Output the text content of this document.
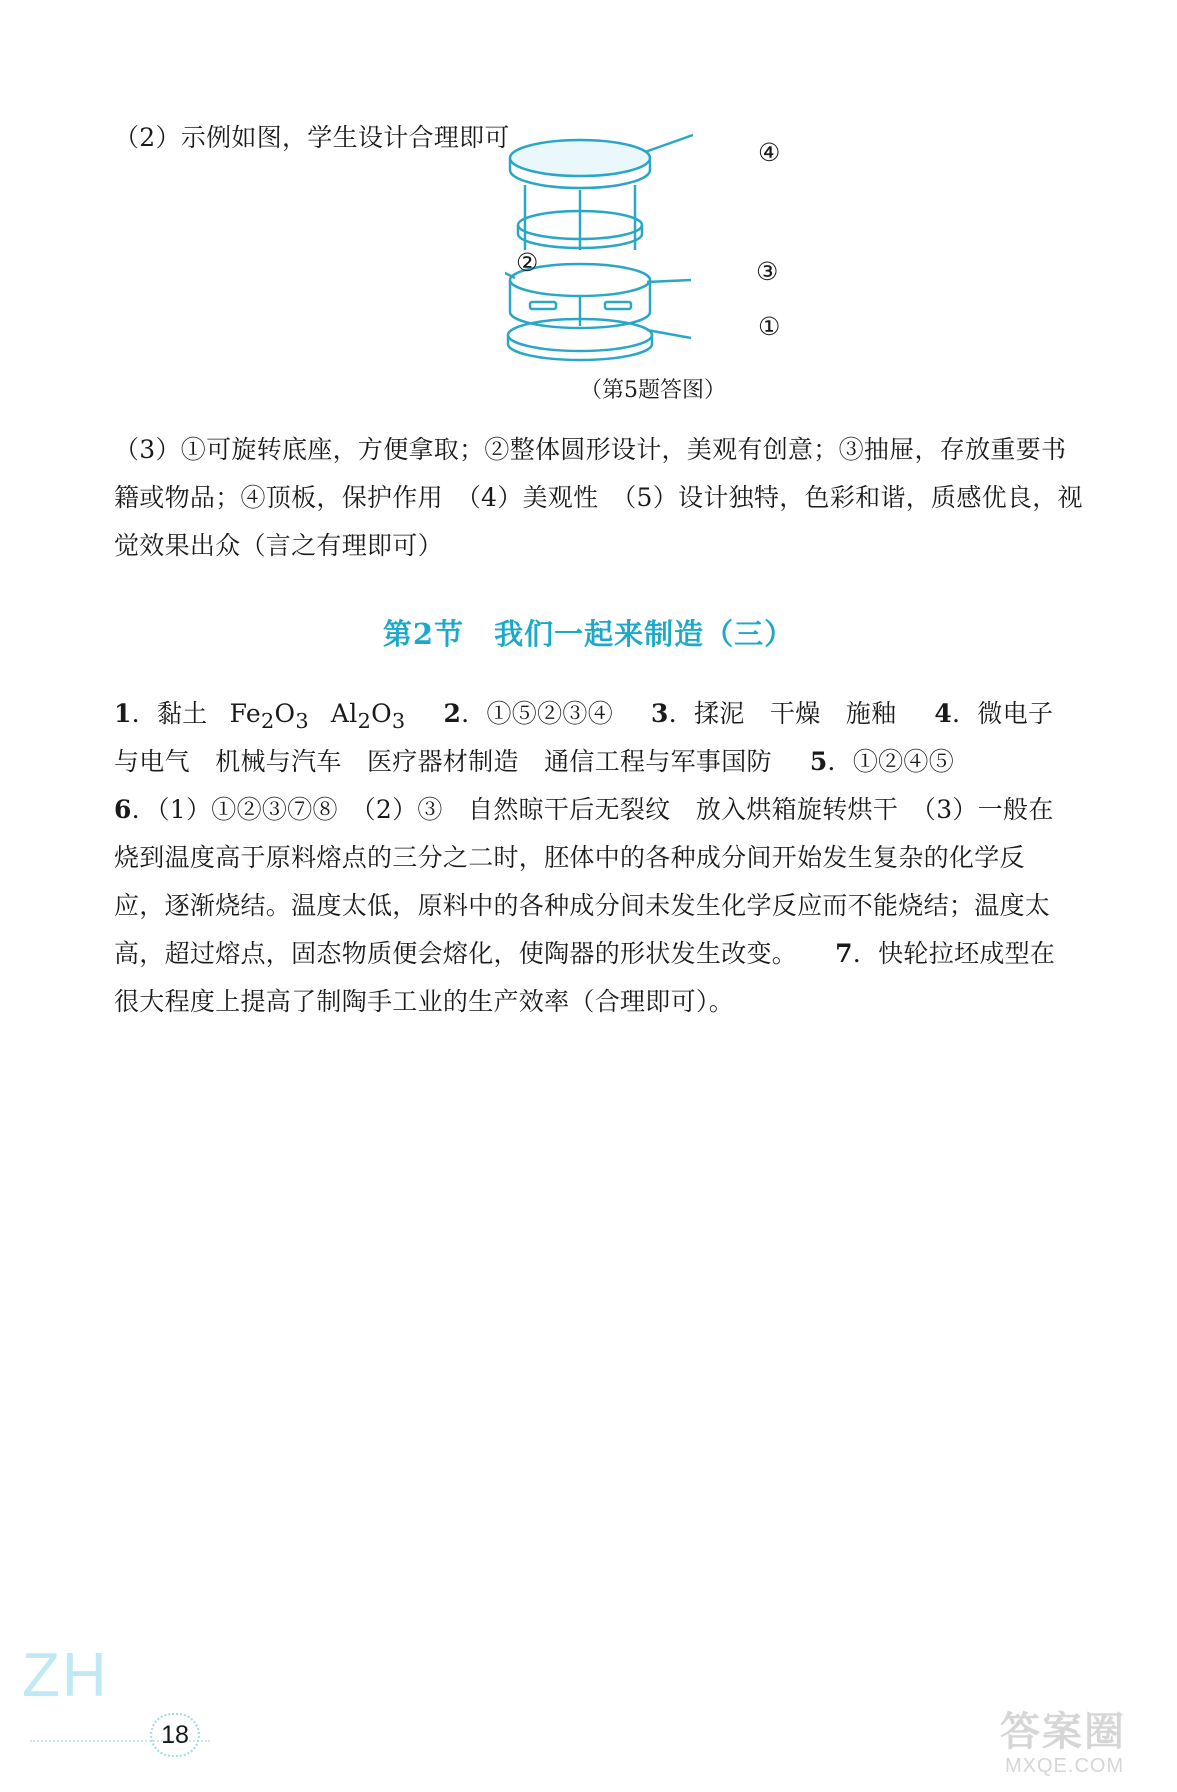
（2）示例如图，学生设计合理即可
④
②	③
①
（第5题答图）
（3）①可旋转底座，方便拿取；②整体圆形设计，美观有创意；③抽屉，存放重要书
籍或物品；④顶板，保护作用　（4）美观性　（5）设计独特，色彩和谐，质感优良，视
觉效果出众（言之有理即可）
第2节　我们一起来制造（三）
1．黏土 $Fe_2O_3$ $Al_2O_3$ 2．①⑤②③④ 3．揉泥　干燥　施釉 4．微电子
与电气　机械与汽车　医疗器材制造　通信工程与军事国防 5．①②④⑤
6．（1）①②③⑦⑧　（2）③　自然晾干后无裂纹　放入烘箱旋转烘干　（3）一般在
烧到温度高于原料熔点的三分之二时，胚体中的各种成分间开始发生复杂的化学反
应，逐渐烧结。温度太低，原料中的各种成分间未发生化学反应而不能烧结；温度太
高，超过熔点，固态物质便会熔化，使陶器的形状发生改变。 7．快轮拉坯成型在
很大程度上提高了制陶手工业的生产效率（合理即可）。
ZH
18	答案圈
MXQE.COM
